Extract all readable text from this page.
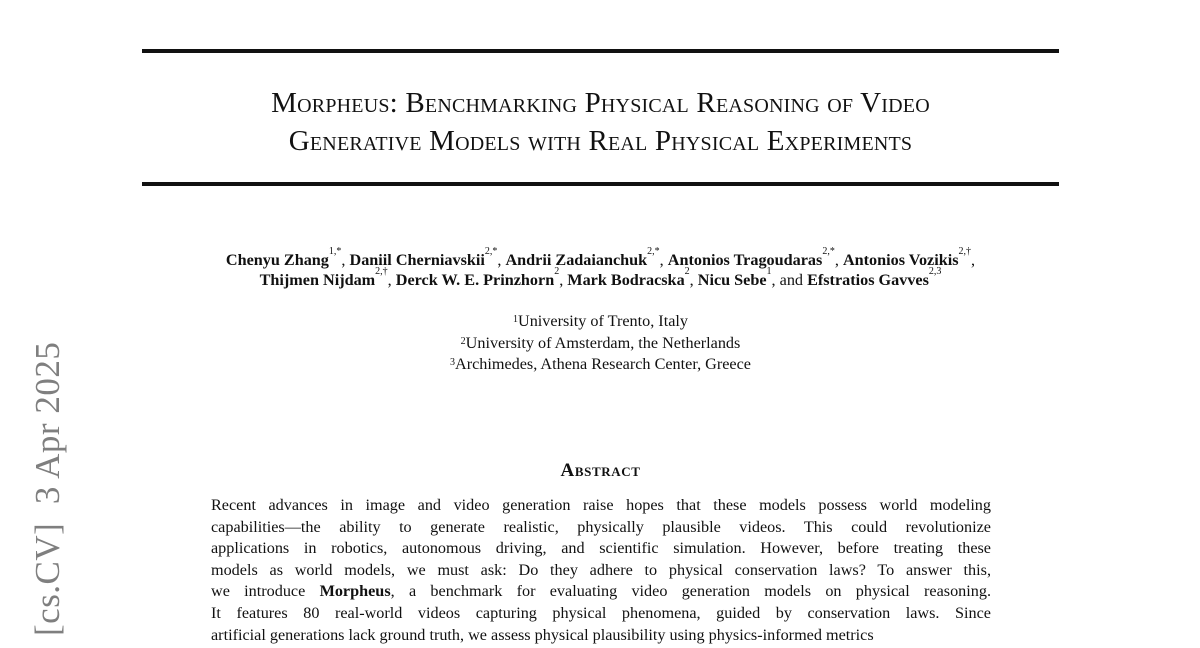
Morpheus: Benchmarking Physical Reasoning of Video
Generative Models with Real Physical Experiments
Chenyu Zhang$^{1,*}$, Daniil Cherniavskii$^{2,*}$, Andrii Zadaianchuk$^{2,*}$, Antonios Tragoudaras$^{2,*}$, Antonios Vozikis$^{2,\dagger}$,
Thijmen Nijdam$^{2,\dagger}$, Derck W. E. Prinzhorn$^2$, Mark Bodracska$^2$, Nicu Sebe$^1$, and Efstratios Gavves$^{2,3}$
$^1$University of Trento, Italy
$^2$University of Amsterdam, the Netherlands
$^3$Archimedes, Athena Research Center, Greece
Abstract
Recent advances in image and video generation raise hopes that these models possess world modeling
capabilities—the ability to generate realistic, physically plausible videos. This could revolutionize
applications in robotics, autonomous driving, and scientific simulation. However, before treating these
models as world models, we must ask: Do they adhere to physical conservation laws? To answer this,
we introduce Morpheus, a benchmark for evaluating video generation models on physical reasoning.
It features 80 real-world videos capturing physical phenomena, guided by conservation laws. Since
artificial generations lack ground truth, we assess physical plausibility using physics-informed metrics
[cs.CV]  3 Apr 2025
